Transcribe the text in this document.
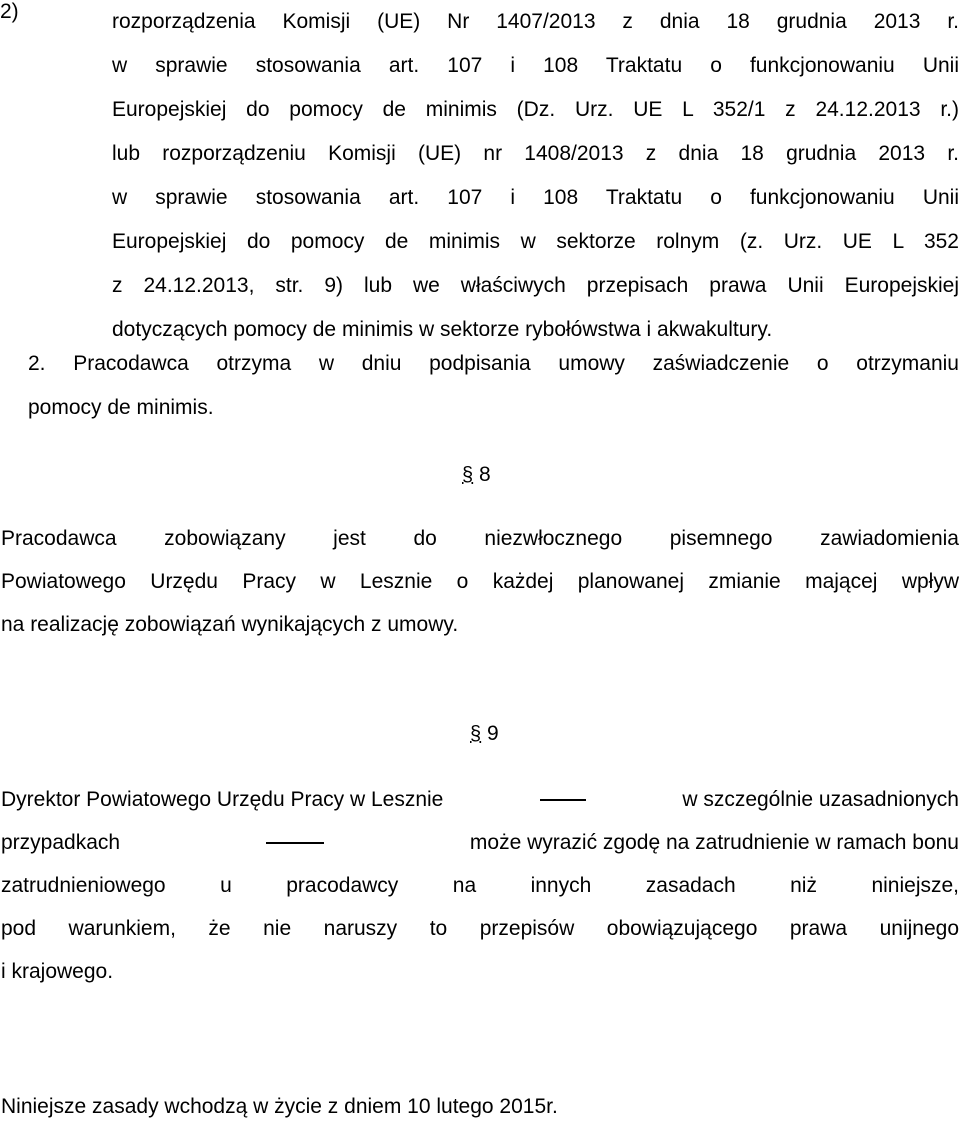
2)	rozporządzenia Komisji (UE) Nr 1407/2013 z dnia 18 grudnia 2013 r.
w sprawie stosowania art. 107 i 108 Traktatu o funkcjonowaniu Unii
Europejskiej do pomocy de minimis (Dz. Urz. UE L 352/1 z 24.12.2013 r.)
lub rozporządzeniu Komisji (UE) nr 1408/2013 z dnia 18 grudnia 2013 r.
w sprawie stosowania art. 107 i 108 Traktatu o funkcjonowaniu Unii
Europejskiej do pomocy de minimis w sektorze rolnym (z. Urz. UE L 352
z 24.12.2013, str. 9) lub we właściwych przepisach prawa Unii Europejskiej
dotyczących pomocy de minimis w sektorze rybołówstwa i akwakultury.
2. Pracodawca otrzyma w dniu podpisania umowy zaświadczenie o otrzymaniu
pomocy de minimis.
§ 8
Pracodawca zobowiązany jest do niezwłocznego pisemnego zawiadomienia
Powiatowego Urzędu Pracy w Lesznie o każdej planowanej zmianie mającej wpływ
na realizację zobowiązań wynikających z umowy.
§ 9
Dyrektor Powiatowego Urzędu Pracy w Lesznie	w szczególnie uzasadnionych
przypadkach	może wyrazić zgodę na zatrudnienie w ramach bonu
zatrudnieniowego u pracodawcy na innych zasadach niż niniejsze,
pod warunkiem, że nie naruszy to przepisów obowiązującego prawa unijnego
i krajowego.
Niniejsze zasady wchodzą w życie z dniem 10 lutego 2015r.
